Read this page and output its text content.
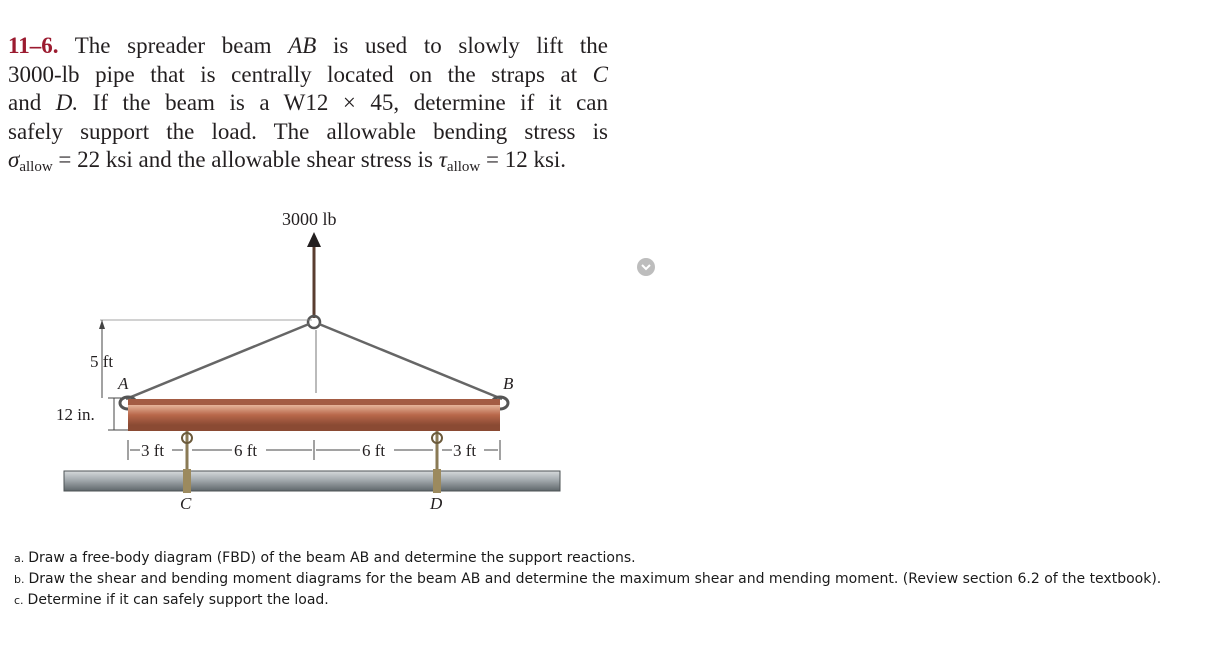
11–6. The spreader beam AB is used to slowly lift the
3000-lb pipe that is centrally located on the straps at C
and D. If the beam is a W12 × 45, determine if it can
safely support the load. The allowable bending stress is
$\sigma_{allow} = 22$ ksi and the allowable shear stress is $\tau_{allow} = 12$ ksi.
3000 lb
5 ft
12 in.
A	B
3 ft	6 ft	6 ft	3 ft
C	D
a. Draw a free-body diagram (FBD) of the beam AB and determine the support reactions.
b. Draw the shear and bending moment diagrams for the beam AB and determine the maximum shear and mending moment. (Review section 6.2 of the textbook).
c. Determine if it can safely support the load.
